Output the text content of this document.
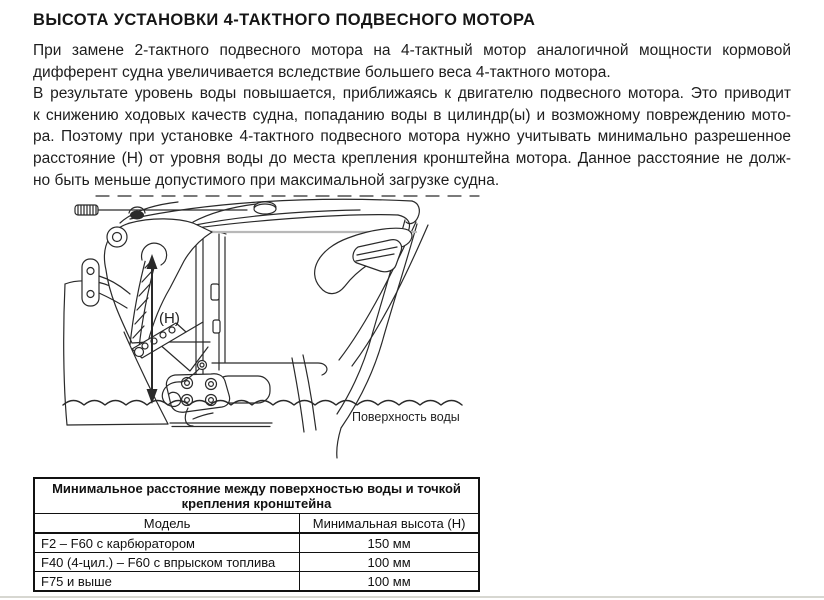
ВЫСОТА УСТАНОВКИ 4-ТАКТНОГО ПОДВЕСНОГО МОТОРА
При замене 2-тактного подвесного мотора на 4-тактный мотор аналогичной мощности кормовой
дифферент судна увеличивается вследствие большего веса 4-тактного мотора.
В результате уровень воды повышается, приближаясь к двигателю подвесного мотора. Это приводит
к снижению ходовых качеств судна, попаданию воды в цилиндр(ы) и возможному повреждению мото-
ра. Поэтому при установке 4-тактного подвесного мотора нужно учитывать минимально разрешенное
расстояние (Н) от уровня воды до места крепления кронштейна мотора. Данное расстояние не долж-
но быть меньше допустимого при максимальной загрузке судна.
(H)
Поверхность воды
Минимальное расстояние между поверхностью воды и точкой крепления кронштейна	
Модель	Минимальная высота (Н)
F2 – F60 с карбюратором	150 мм
F40 (4-цил.) – F60 с впрыском топлива	100 мм
F75 и выше	100 мм
